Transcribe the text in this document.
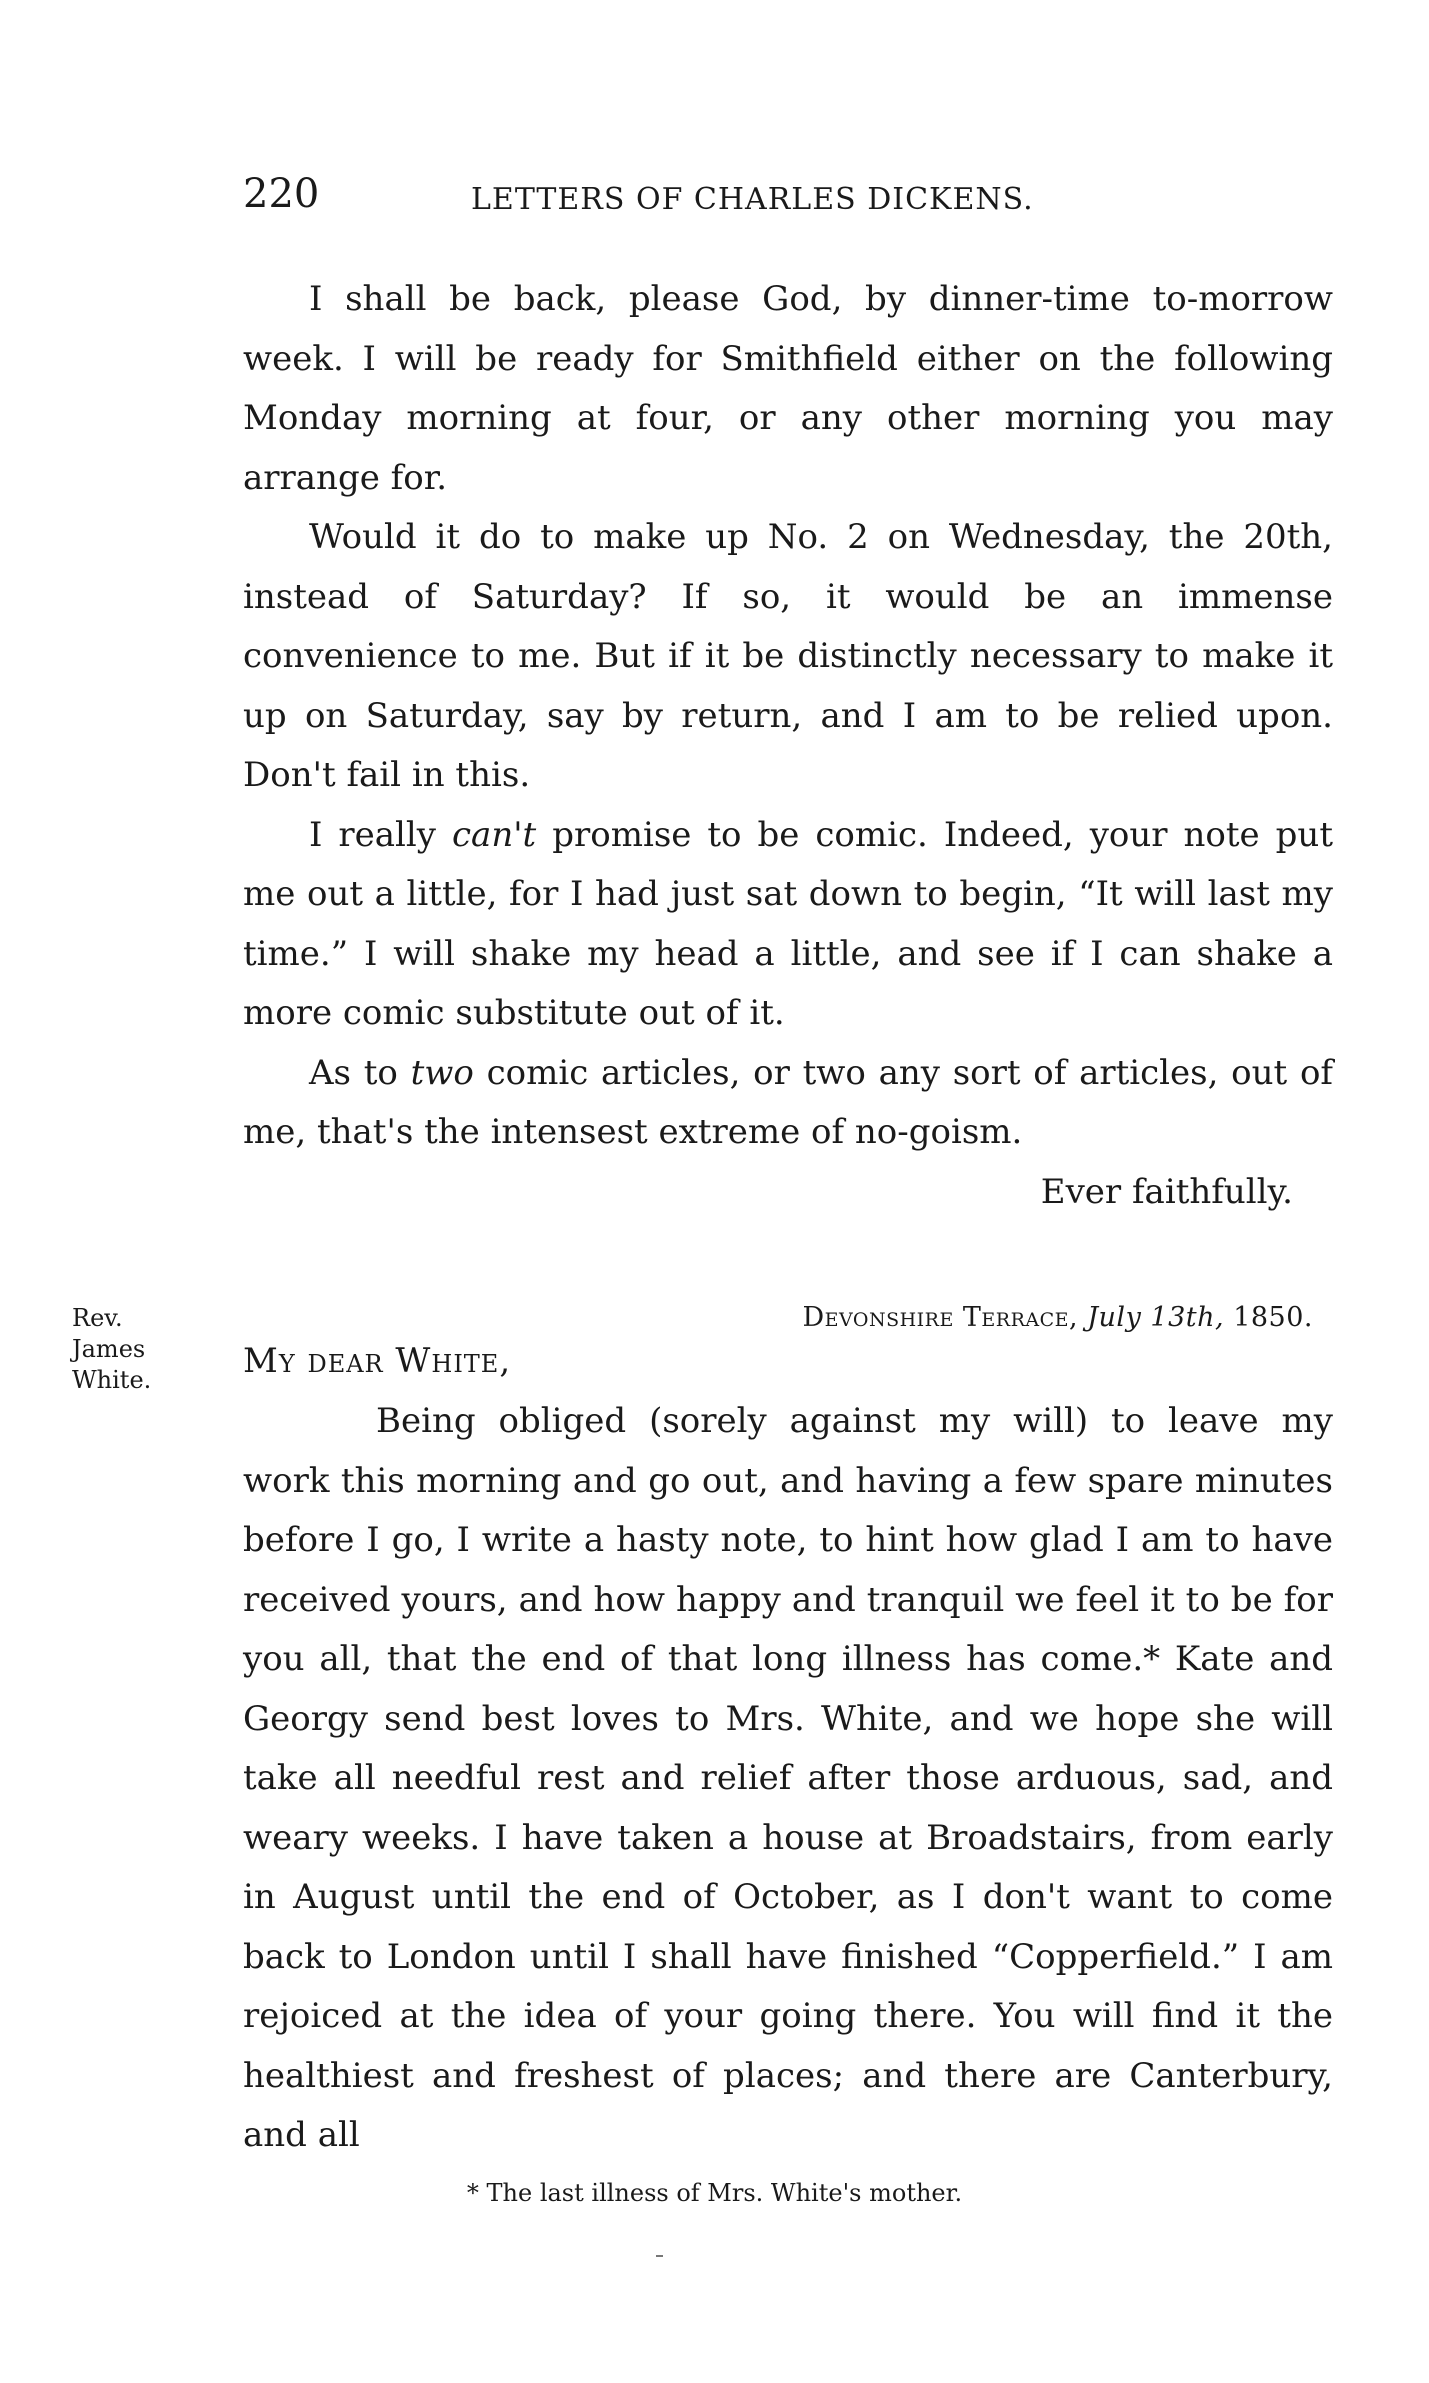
220	LETTERS OF CHARLES DICKENS.

I shall be back, please God, by dinner-time to-morrow week. I will be ready for Smithfield either on the following Monday morning at four, or any other morning you may arrange for.

Would it do to make up No. 2 on Wednesday, the 20th, instead of Saturday? If so, it would be an immense convenience to me. But if it be distinctly necessary to make it up on Saturday, say by return, and I am to be relied upon. Don't fail in this.

I really can't promise to be comic. Indeed, your note put me out a little, for I had just sat down to begin, “It will last my time.” I will shake my head a little, and see if I can shake a more comic substitute out of it.

As to two comic articles, or two any sort of articles, out of me, that's the intensest extreme of no-goism.

Ever faithfully.

Rev.
James
White.
Devonshire Terrace, July 13th, 1850.
My dear White,

Being obliged (sorely against my will) to leave my work this morning and go out, and having a few spare minutes before I go, I write a hasty note, to hint how glad I am to have received yours, and how happy and tranquil we feel it to be for you all, that the end of that long illness has come.* Kate and Georgy send best loves to Mrs. White, and we hope she will take all needful rest and relief after those arduous, sad, and weary weeks. I have taken a house at Broadstairs, from early in August until the end of October, as I don't want to come back to London until I shall have finished “Copperfield.” I am rejoiced at the idea of your going there. You will find it the healthiest and freshest of places; and there are Canterbury, and all

* The last illness of Mrs. White's mother.
